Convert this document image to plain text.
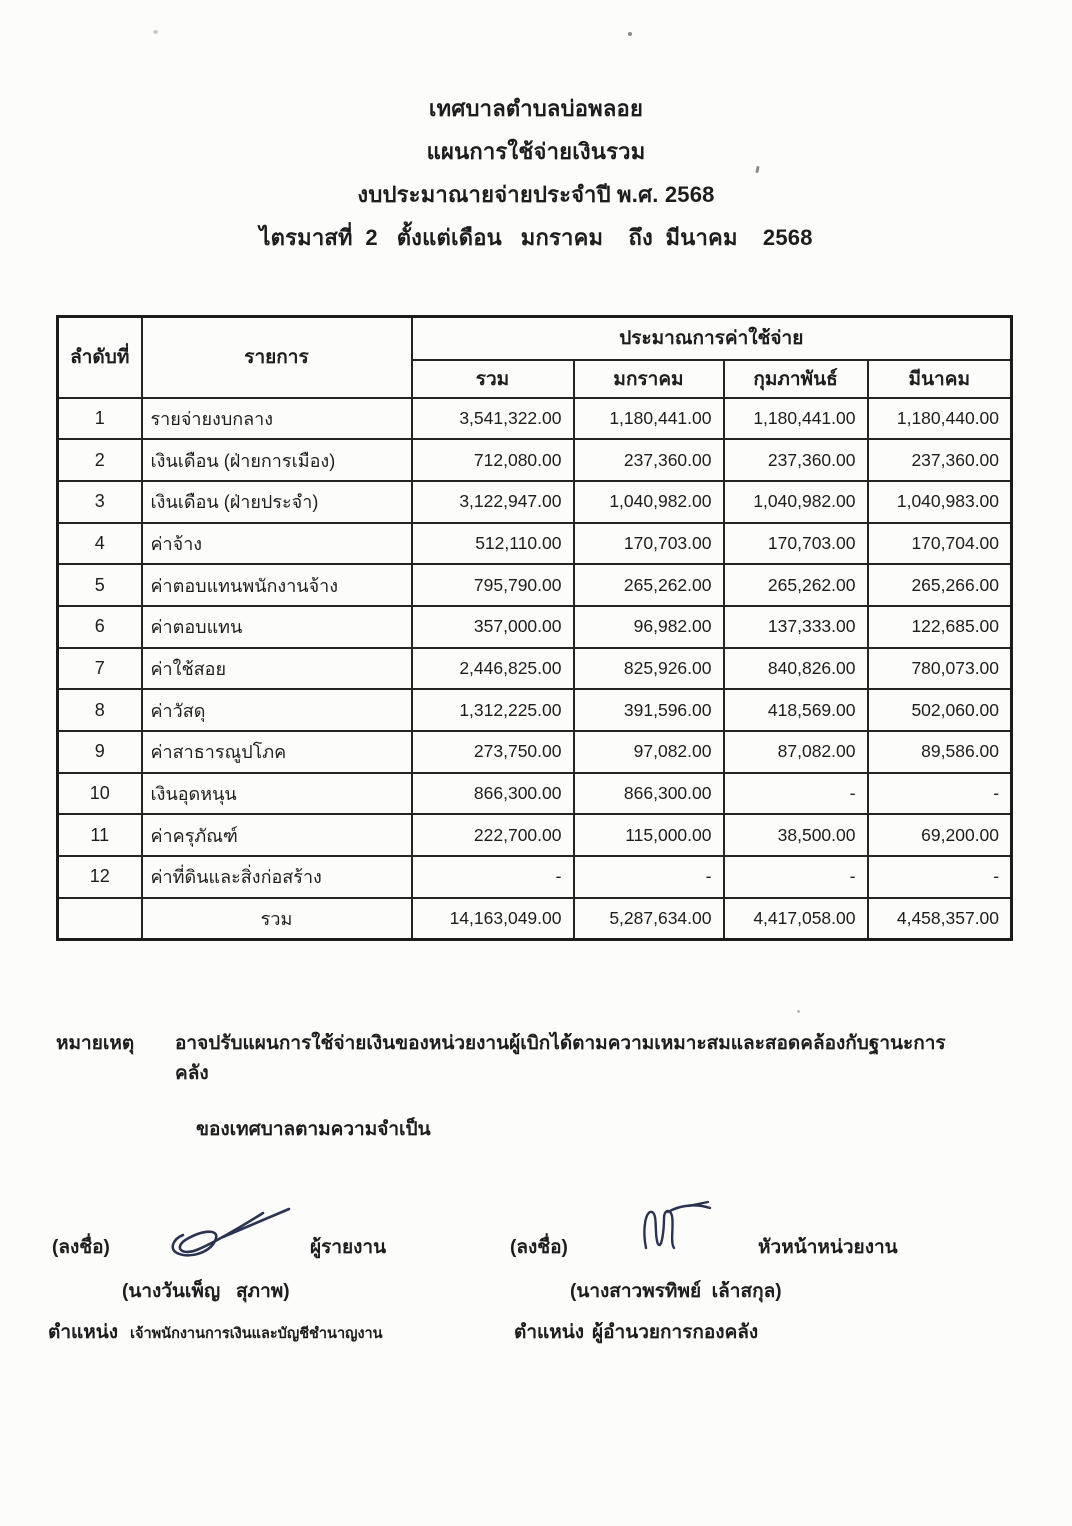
เทศบาลตำบลบ่อพลอย
แผนการใช้จ่ายเงินรวม
งบประมาณายจ่ายประจำปี พ.ศ. 2568
ไตรมาสที่  2   ตั้งแต่เดือน   มกราคม    ถึง  มีนาคม    2568
ลำดับที่	รายการ	ประมาณการค่าใช้จ่าย			
		รวม	มกราคม	กุมภาพันธ์	มีนาคม
1	รายจ่ายงบกลาง	3,541,322.00	1,180,441.00	1,180,441.00	1,180,440.00
2	เงินเดือน (ฝ่ายการเมือง)	712,080.00	237,360.00	237,360.00	237,360.00
3	เงินเดือน (ฝ่ายประจำ)	3,122,947.00	1,040,982.00	1,040,982.00	1,040,983.00
4	ค่าจ้าง	512,110.00	170,703.00	170,703.00	170,704.00
5	ค่าตอบแทนพนักงานจ้าง	795,790.00	265,262.00	265,262.00	265,266.00
6	ค่าตอบแทน	357,000.00	96,982.00	137,333.00	122,685.00
7	ค่าใช้สอย	2,446,825.00	825,926.00	840,826.00	780,073.00
8	ค่าวัสดุ	1,312,225.00	391,596.00	418,569.00	502,060.00
9	ค่าสาธารณูปโภค	273,750.00	97,082.00	87,082.00	89,586.00
10	เงินอุดหนุน	866,300.00	866,300.00	-	-
11	ค่าครุภัณฑ์	222,700.00	115,000.00	38,500.00	69,200.00
12	ค่าที่ดินและสิ่งก่อสร้าง	-	-	-	-
	รวม	14,163,049.00	5,287,634.00	4,417,058.00	4,458,357.00
หมายเหตุ	อาจปรับแผนการใช้จ่ายเงินของหน่วยงานผู้เบิกได้ตามความเหมาะสมและสอดคล้องกับฐานะการคลัง
ของเทศบาลตามความจำเป็น
(ลงชื่อ)	ผู้รายงาน
(นางวันเพ็ญ   สุภาพ)
ตำแหน่ง เจ้าพนักงานการเงินและบัญชีชำนาญงาน
(ลงชื่อ)	หัวหน้าหน่วยงาน
(นางสาวพรทิพย์  เล้าสกุล)
ตำแหน่ง ผู้อำนวยการกองคลัง
